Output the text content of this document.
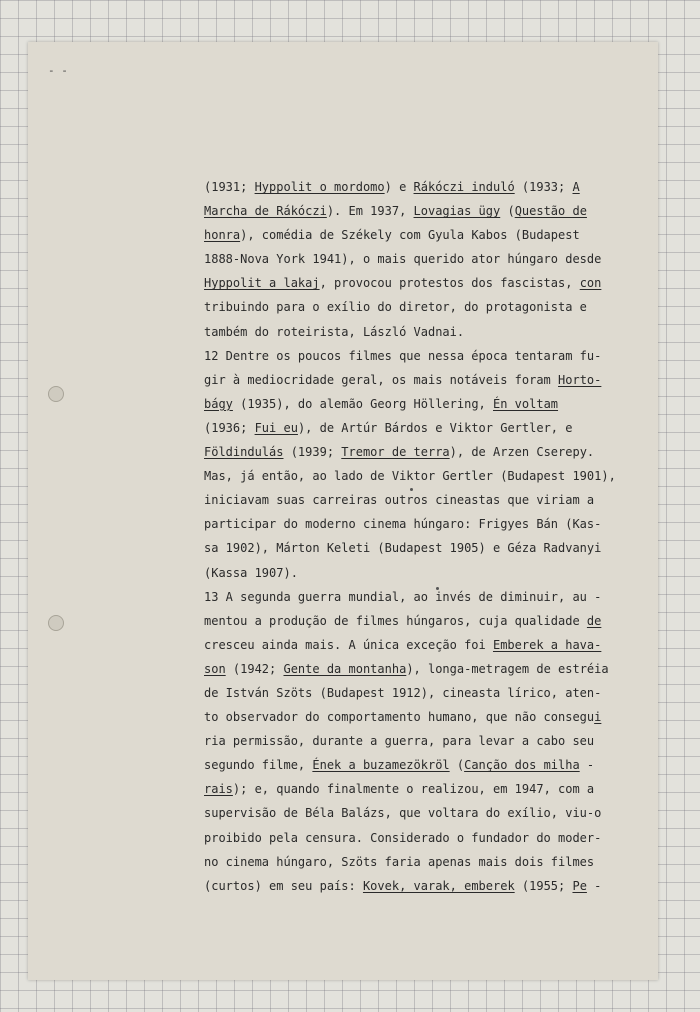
- -
(1931; Hyppolit o mordomo) e Rákóczi induló (1933; A
Marcha de Rákóczi). Em 1937, Lovagias ügy (Questão de
honra), comédia de Székely com Gyula Kabos (Budapest
1888-Nova York 1941), o mais querido ator húngaro desde
Hyppolit a lakaj, provocou protestos dos fascistas, con
tribuindo para o exílio do diretor, do protagonista e
também do roteirista, László Vadnai.
12 Dentre os poucos filmes que nessa época tentaram fu-
gir à mediocridade geral, os mais notáveis foram Horto-
bágy (1935), do alemão Georg Höllering, Én voltam
(1936; Fui eu), de Artúr Bárdos e Viktor Gertler, e
Földindulás (1939; Tremor de terra), de Arzen Cserepy.
Mas, já então, ao lado de Viktor Gertler (Budapest 1901),
iniciavam suas carreiras outros cineastas que viriam a
participar do moderno cinema húngaro: Frigyes Bán (Kas-
sa 1902), Márton Keleti (Budapest 1905) e Géza Radvanyi
(Kassa 1907).
13 A segunda guerra mundial, ao invés de diminuir, au -
mentou a produção de filmes húngaros, cuja qualidade de
cresceu ainda mais. A única exceção foi Emberek a hava-
son (1942; Gente da montanha), longa-metragem de estréia
de István Szöts (Budapest 1912), cineasta lírico, aten-
to observador do comportamento humano, que não consegui
ria permissão, durante a guerra, para levar a cabo seu
segundo filme, Ének a buzamezökröl (Canção dos milha -
rais); e, quando finalmente o realizou, em 1947, com a
supervisão de Béla Balázs, que voltara do exílio, viu-o
proibido pela censura. Considerado o fundador do moder-
no cinema húngaro, Szöts faria apenas mais dois filmes
(curtos) em seu país: Kovek, varak, emberek (1955; Pe -
